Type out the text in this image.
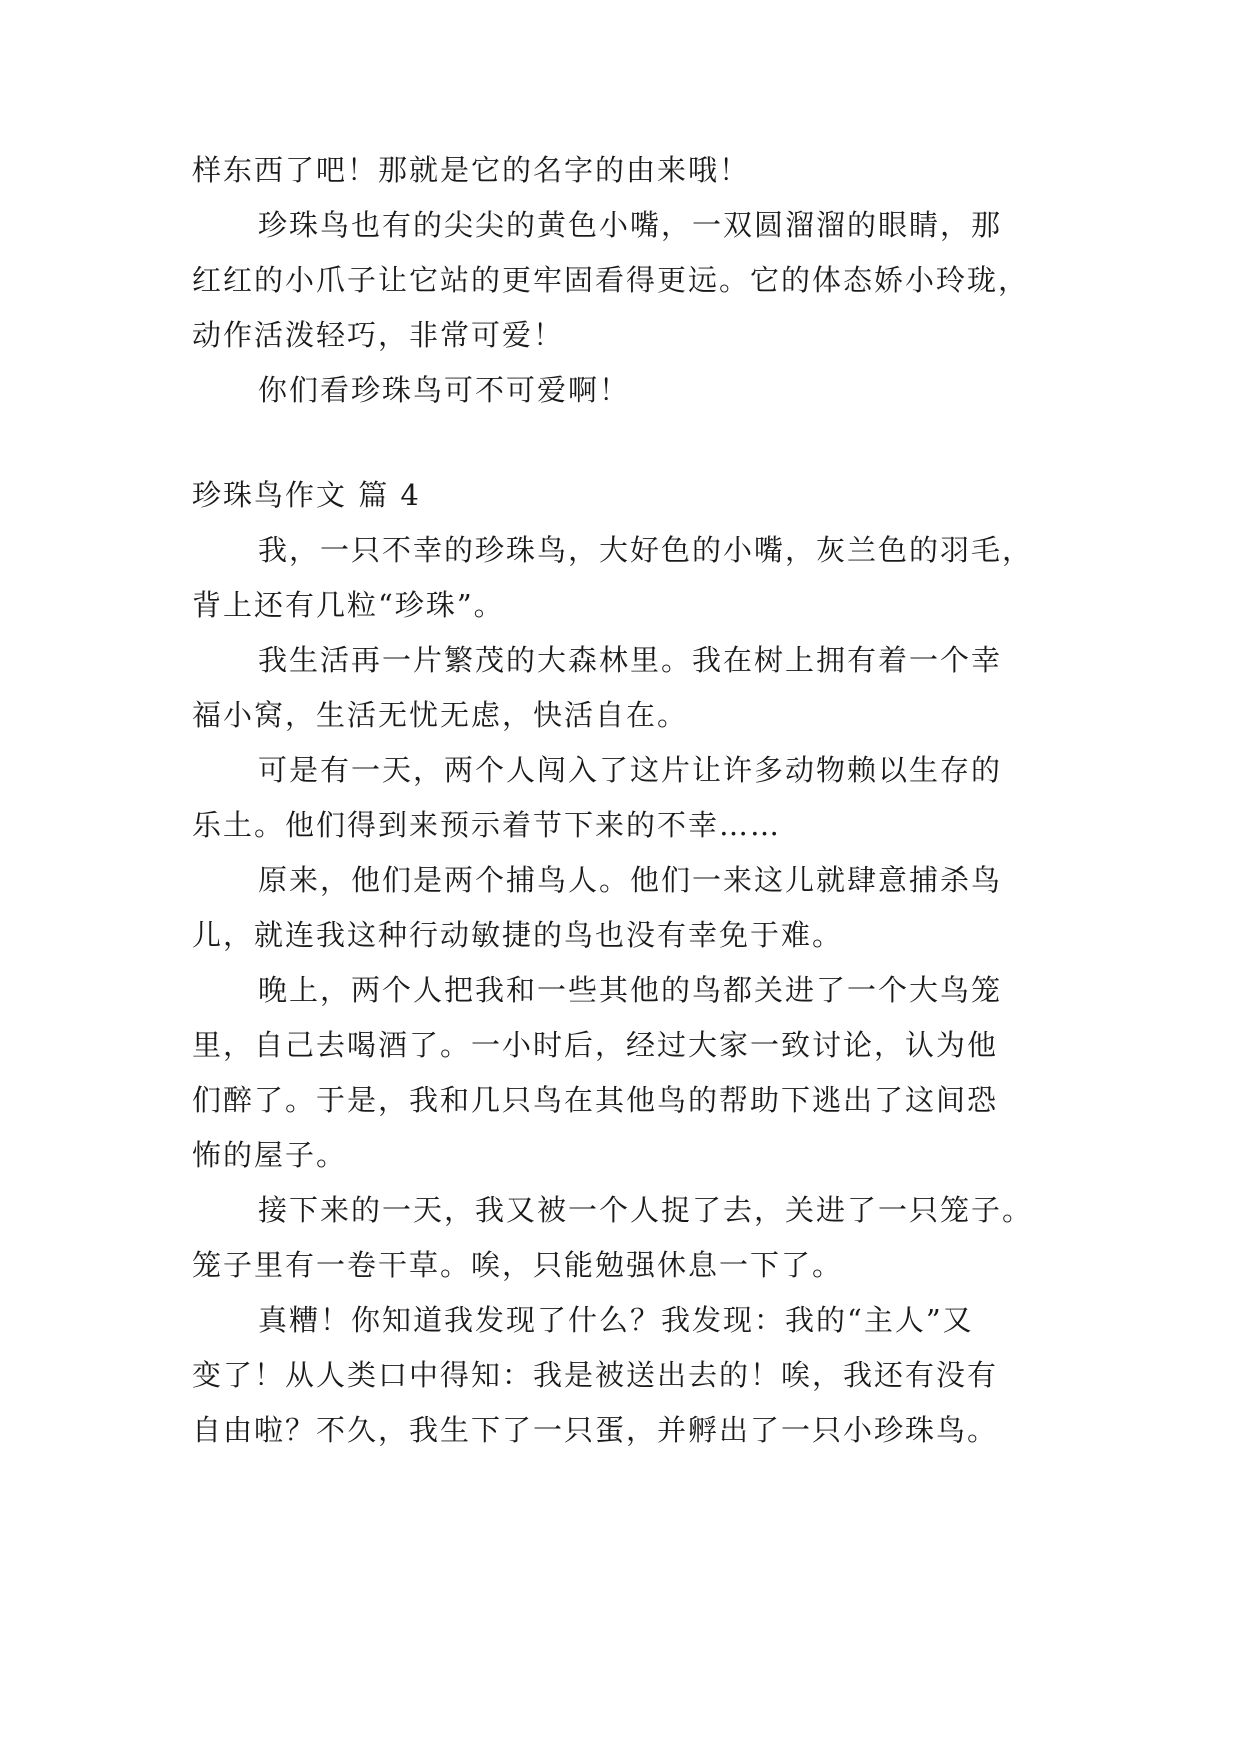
样东西了吧！那就是它的名字的由来哦！
珍珠鸟也有的尖尖的黄色小嘴，一双圆溜溜的眼睛，那
红红的小爪子让它站的更牢固看得更远。它的体态娇小玲珑，
动作活泼轻巧，非常可爱！
你们看珍珠鸟可不可爱啊！
珍珠鸟作文 篇 4
我，一只不幸的珍珠鸟，大好色的小嘴，灰兰色的羽毛，
背上还有几粒“珍珠”。
我生活再一片繁茂的大森林里。我在树上拥有着一个幸
福小窝，生活无忧无虑，快活自在。
可是有一天，两个人闯入了这片让许多动物赖以生存的
乐土。他们得到来预示着节下来的不幸……
原来，他们是两个捕鸟人。他们一来这儿就肆意捕杀鸟
儿，就连我这种行动敏捷的鸟也没有幸免于难。
晚上，两个人把我和一些其他的鸟都关进了一个大鸟笼
里，自己去喝酒了。一小时后，经过大家一致讨论，认为他
们醉了。于是，我和几只鸟在其他鸟的帮助下逃出了这间恐
怖的屋子。
接下来的一天，我又被一个人捉了去，关进了一只笼子。
笼子里有一卷干草。唉，只能勉强休息一下了。
真糟！你知道我发现了什么？我发现：我的“主人”又
变了！从人类口中得知：我是被送出去的！唉，我还有没有
自由啦？不久，我生下了一只蛋，并孵出了一只小珍珠鸟。
